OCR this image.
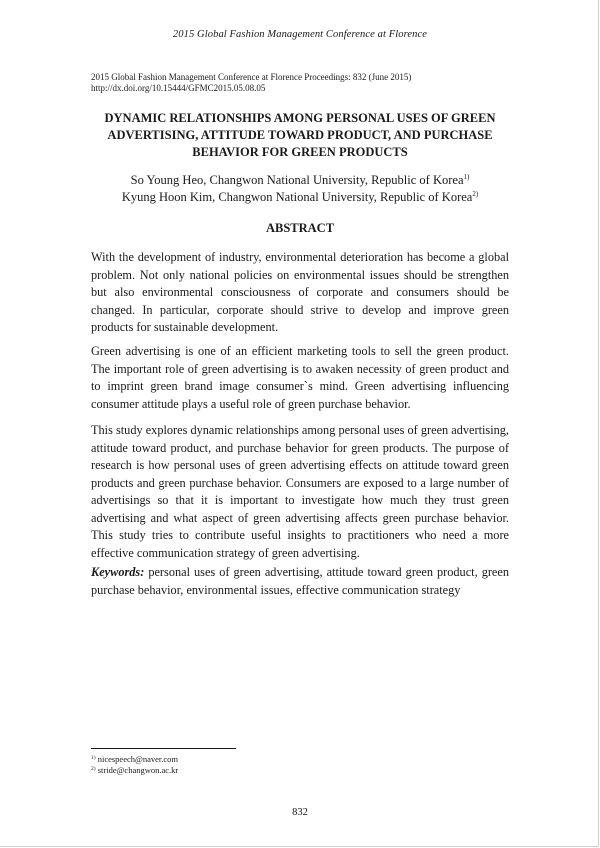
2015 Global Fashion Management Conference at Florence
2015 Global Fashion Management Conference at Florence Proceedings: 832 (June 2015)
http://dx.doi.org/10.15444/GFMC2015.05.08.05
DYNAMIC RELATIONSHIPS AMONG PERSONAL USES OF GREEN
ADVERTISING, ATTITUDE TOWARD PRODUCT, AND PURCHASE
BEHAVIOR FOR GREEN PRODUCTS
So Young Heo, Changwon National University, Republic of Korea$^{1)}$
Kyung Hoon Kim, Changwon National University, Republic of Korea$^{2)}$
ABSTRACT

With the development of industry, environmental deterioration has become a global problem. Not only national policies on environmental issues should be strengthen but also environmental consciousness of corporate and consumers should be changed. In particular, corporate should strive to develop and improve green products for sustainable development.

Green advertising is one of an efficient marketing tools to sell the green product. The important role of green advertising is to awaken necessity of green product and to imprint green brand image consumer`s mind. Green advertising influencing consumer attitude plays a useful role of green purchase behavior.

This study explores dynamic relationships among personal uses of green advertising, attitude toward product, and purchase behavior for green products. The purpose of research is how personal uses of green advertising effects on attitude toward green products and green purchase behavior. Consumers are exposed to a large number of advertisings so that it is important to investigate how much they trust green advertising and what aspect of green advertising affects green purchase behavior. This study tries to contribute useful insights to practitioners who need a more effective communication strategy of green advertising.

Keywords: personal uses of green advertising, attitude toward green product, green purchase behavior, environmental issues, effective communication strategy

$^{1)}$ nicespeech@naver.com
$^{2)}$ stride@changwon.ac.kr
832
